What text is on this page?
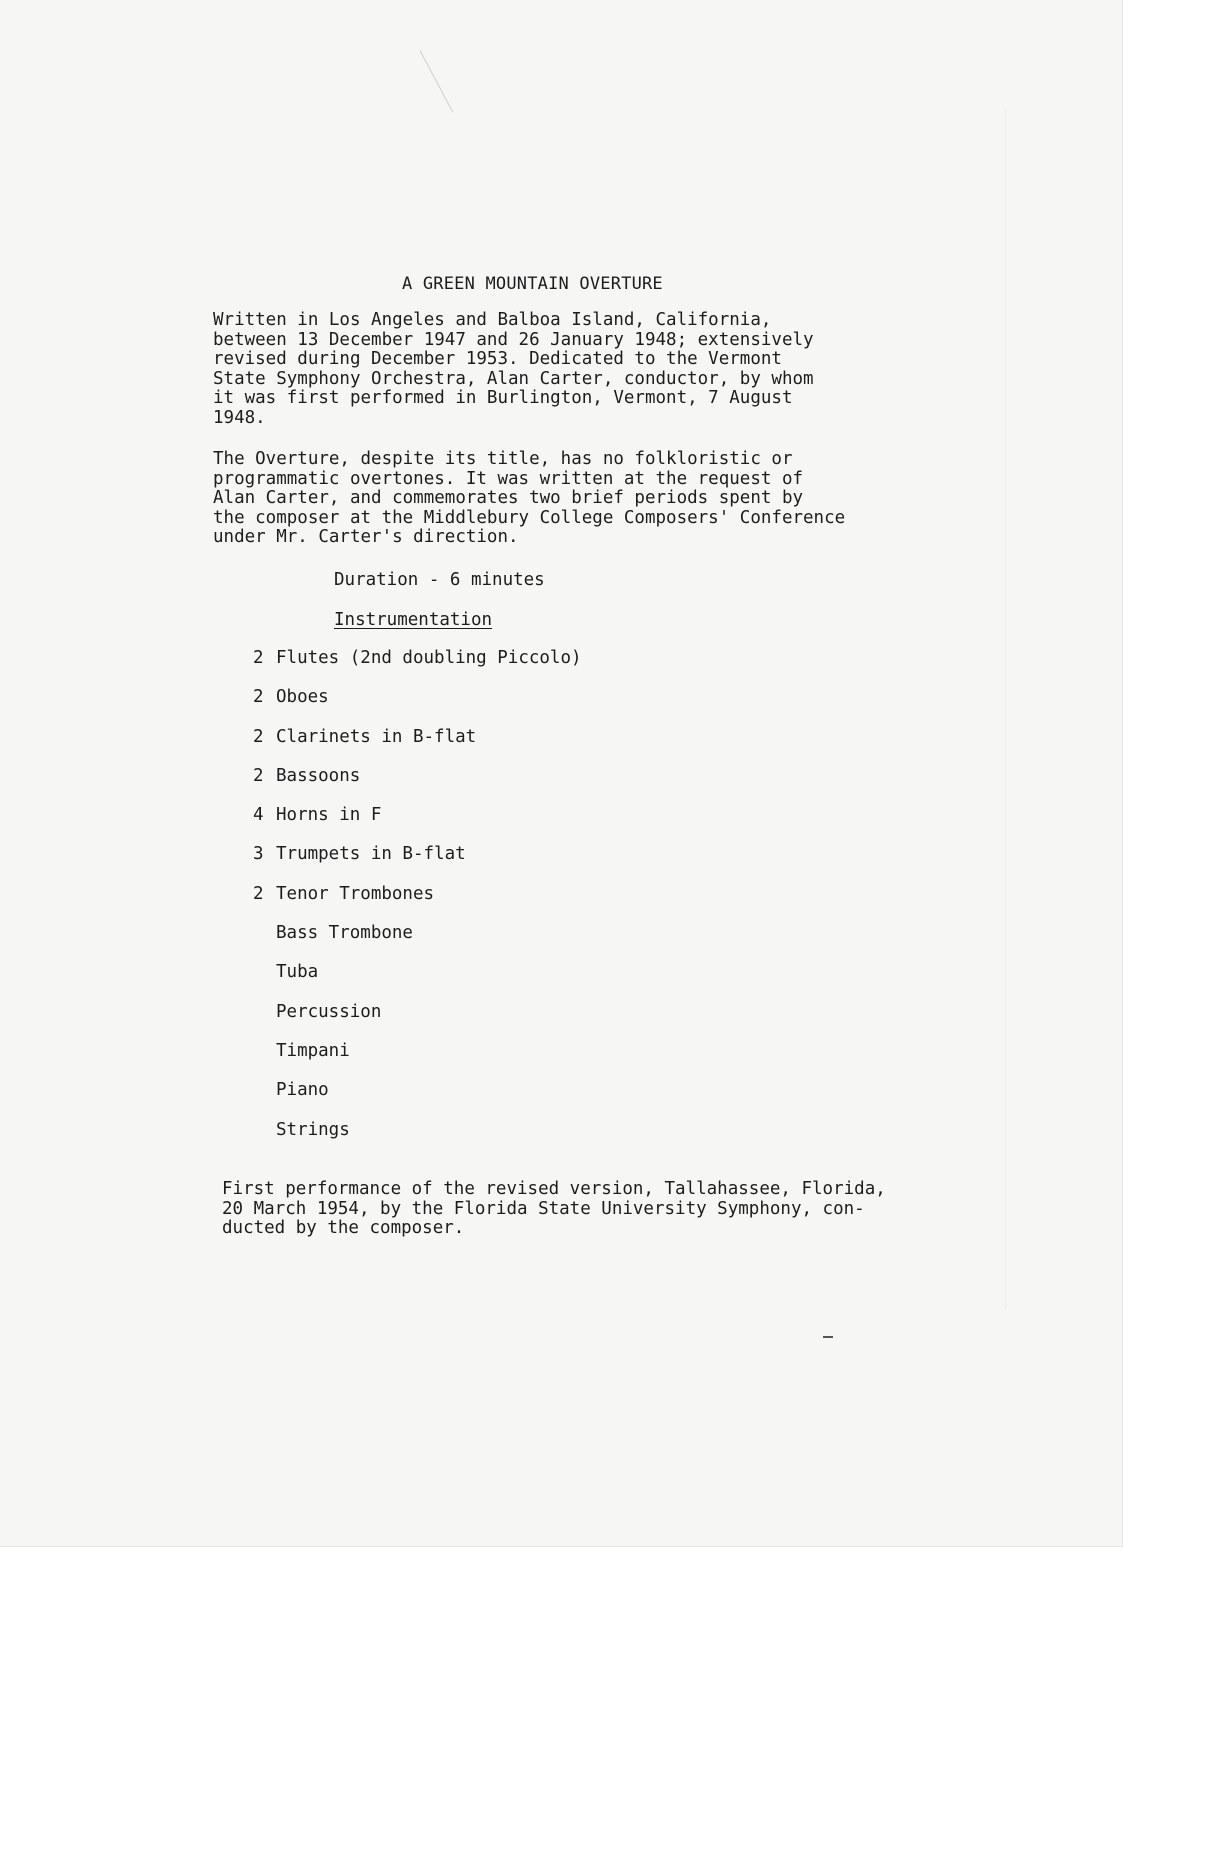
A GREEN MOUNTAIN OVERTURE

Written in Los Angeles and Balboa Island, California,
between 13 December 1947 and 26 January 1948; extensively
revised during December 1953. Dedicated to the Vermont
State Symphony Orchestra, Alan Carter, conductor, by whom
it was first performed in Burlington, Vermont, 7 August
1948.

The Overture, despite its title, has no folkloristic or
programmatic overtones. It was written at the request of
Alan Carter, and commemorates two brief periods spent by
the composer at the Middlebury College Composers' Conference
under Mr. Carter's direction.

Duration - 6 minutes
Instrumentation
2 Flutes (2nd doubling Piccolo)
2 Oboes
2 Clarinets in B-flat
2 Bassoons
4 Horns in F
3 Trumpets in B-flat
2 Tenor Trombones
Bass Trombone
Tuba
Percussion
Timpani
Piano
Strings

First performance of the revised version, Tallahassee, Florida,
20 March 1954, by the Florida State University Symphony, con-
ducted by the composer.
